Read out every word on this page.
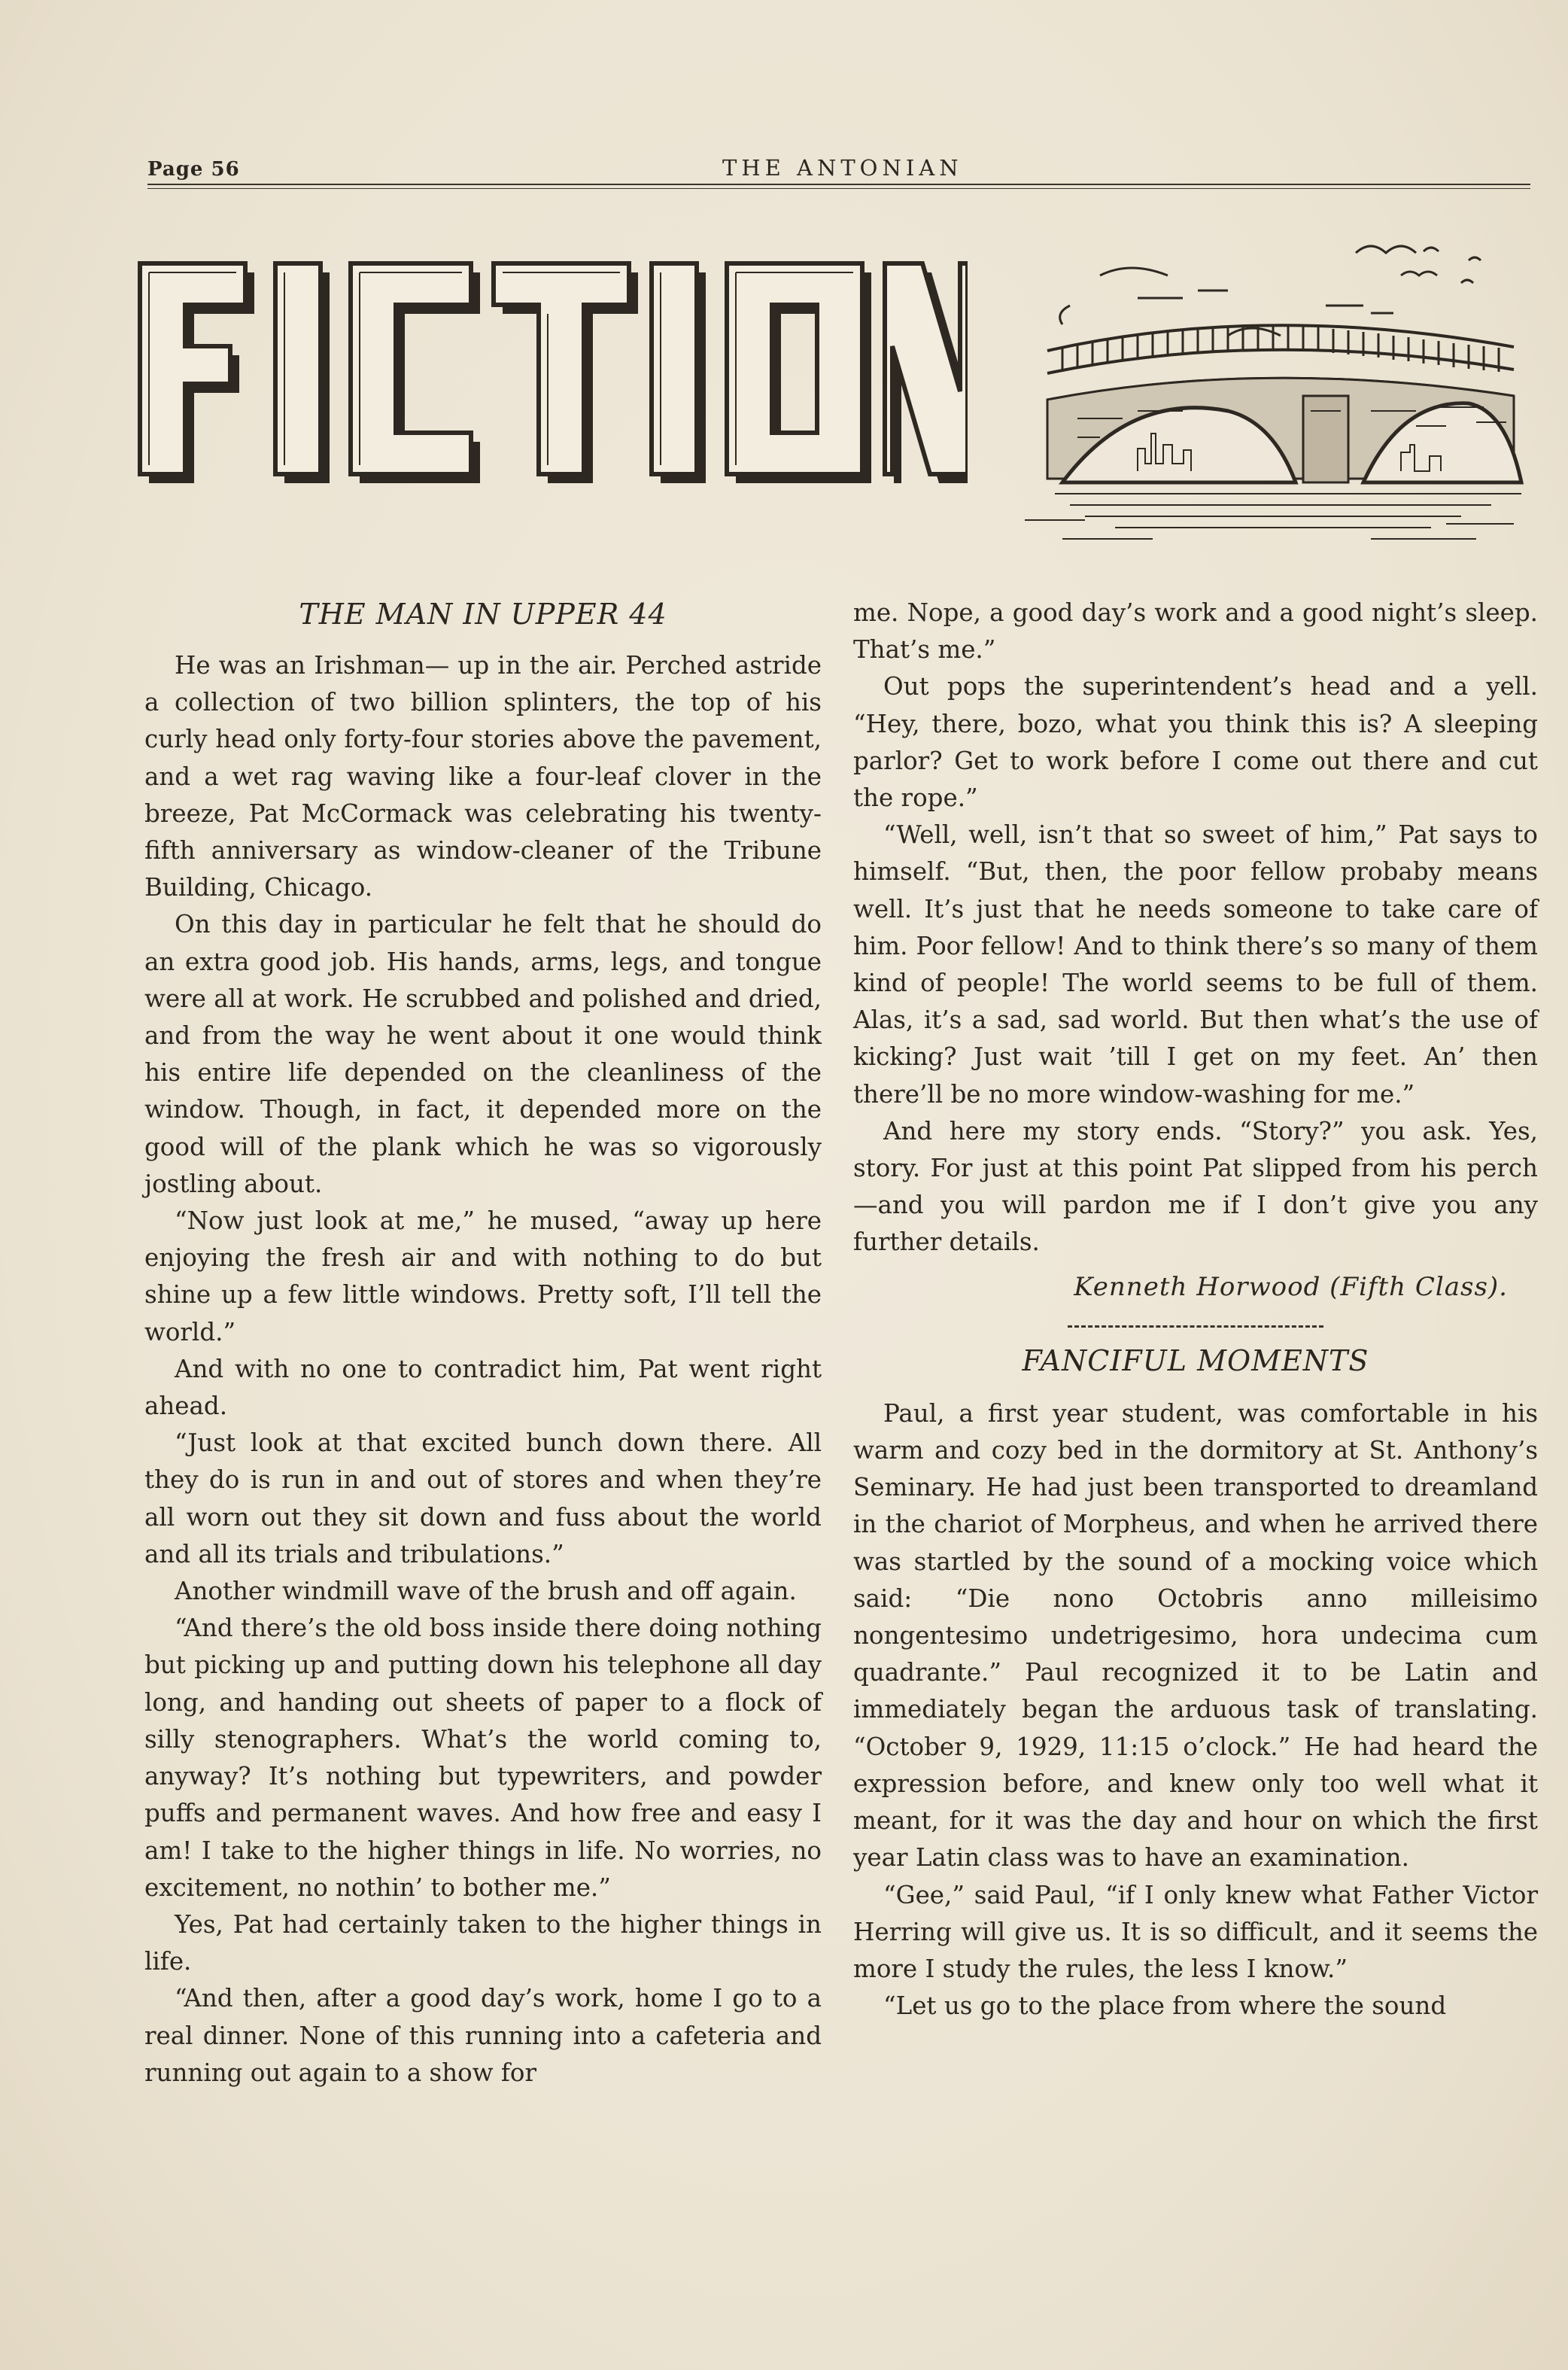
Page 56	THE ANTONIAN
THE MAN IN UPPER 44

He was an Irishman— up in the air. Perched astride a collection of two billion splinters, the top of his curly head only forty-four stories above the pavement, and a wet rag waving like a four-leaf clover in the breeze, Pat McCormack was celebrating his twenty-fifth anniversary as window-cleaner of the Tribune Building, Chicago.

On this day in particular he felt that he should do an extra good job. His hands, arms, legs, and tongue were all at work. He scrubbed and polished and dried, and from the way he went about it one would think his entire life depended on the cleanliness of the window. Though, in fact, it depended more on the good will of the plank which he was so vigorously jostling about.

“Now just look at me,” he mused, “away up here enjoying the fresh air and with nothing to do but shine up a few little windows. Pretty soft, I’ll tell the world.”

And with no one to contradict him, Pat went right ahead.

“Just look at that excited bunch down there. All they do is run in and out of stores and when they’re all worn out they sit down and fuss about the world and all its trials and tribulations.”

Another windmill wave of the brush and off again.

“And there’s the old boss inside there doing nothing but picking up and putting down his telephone all day long, and handing out sheets of paper to a flock of silly stenographers. What’s the world coming to, anyway? It’s nothing but typewriters, and powder puffs and permanent waves. And how free and easy I am! I take to the higher things in life. No worries, no excitement, no nothin’ to bother me.”

Yes, Pat had certainly taken to the higher things in life.

“And then, after a good day’s work, home I go to a real dinner. None of this running into a cafeteria and running out again to a show for

me. Nope, a good day’s work and a good night’s sleep. That’s me.”

Out pops the superintendent’s head and a yell. “Hey, there, bozo, what you think this is? A sleeping parlor? Get to work before I come out there and cut the rope.”

“Well, well, isn’t that so sweet of him,” Pat says to himself. “But, then, the poor fellow probaby means well. It’s just that he needs someone to take care of him. Poor fellow! And to think there’s so many of them kind of people! The world seems to be full of them. Alas, it’s a sad, sad world. But then what’s the use of kicking? Just wait ’till I get on my feet. An’ then there’ll be no more window-washing for me.”

And here my story ends. “Story?” you ask. Yes, story. For just at this point Pat slipped from his perch—and you will pardon me if I don’t give you any further details.

Kenneth Horwood (Fifth Class).
FANCIFUL MOMENTS

Paul, a first year student, was comfortable in his warm and cozy bed in the dormitory at St. Anthony’s Seminary. He had just been transported to dreamland in the chariot of Morpheus, and when he arrived there was startled by the sound of a mocking voice which said: “Die nono Octobris anno milleisimo nongentesimo undetrigesimo, hora undecima cum quadrante.” Paul recognized it to be Latin and immediately began the arduous task of translating. “October 9, 1929, 11:15 o’clock.” He had heard the expression before, and knew only too well what it meant, for it was the day and hour on which the first year Latin class was to have an examination.

“Gee,” said Paul, “if I only knew what Father Victor Herring will give us. It is so difficult, and it seems the more I study the rules, the less I know.”

“Let us go to the place from where the sound
